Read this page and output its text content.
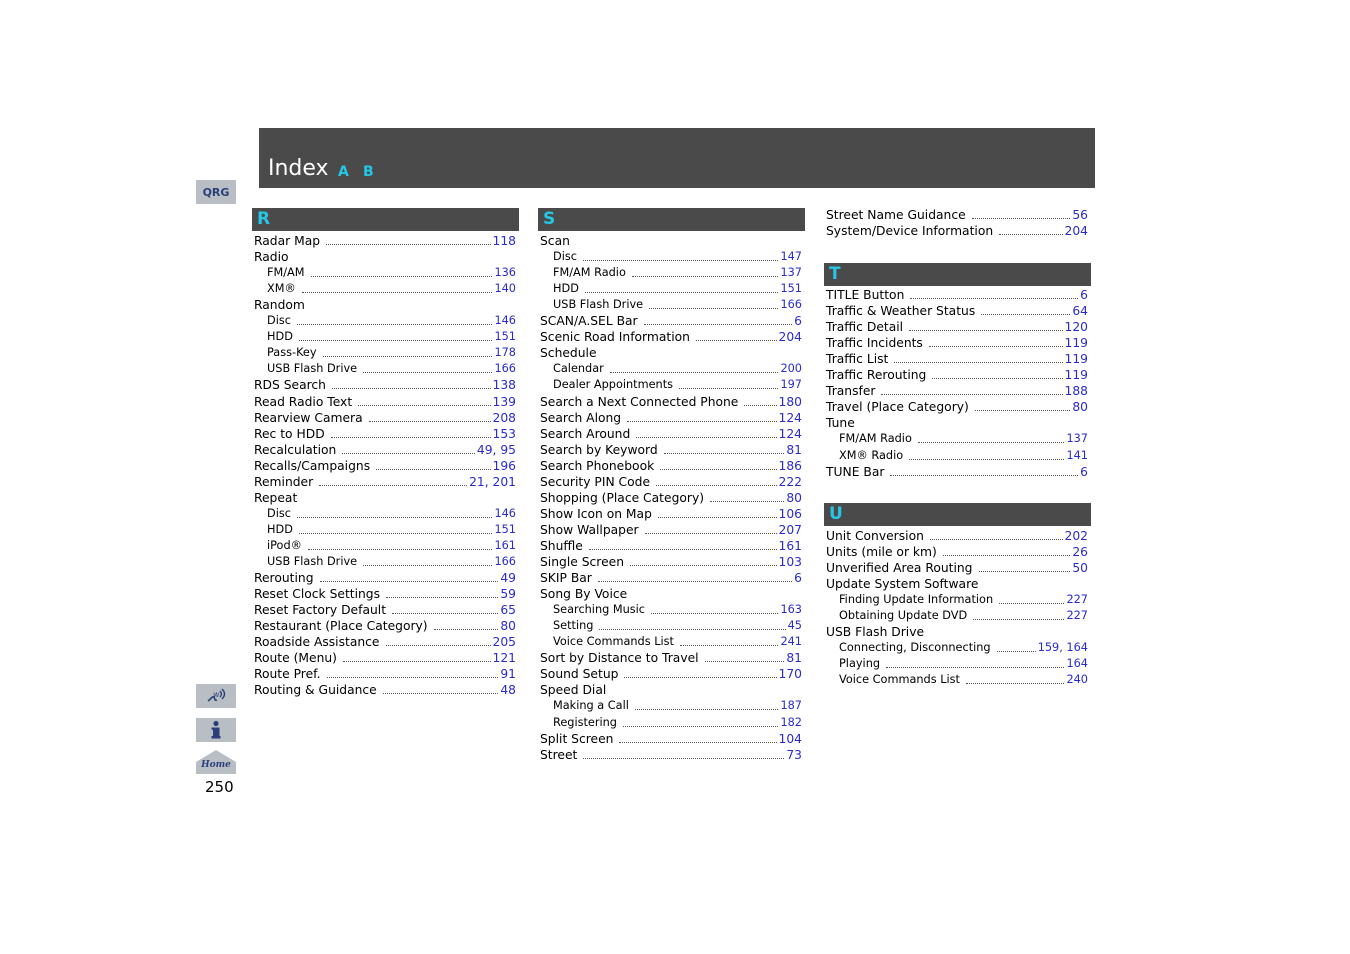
Index A B
QRG
w
Home
250
R
Radar Map	118
Radio
FM/AM	136
XM®	140
Random
Disc	146
HDD	151
Pass-Key	178
USB Flash Drive	166
RDS Search	138
Read Radio Text	139
Rearview Camera	208
Rec to HDD	153
Recalculation	49, 95
Recalls/Campaigns	196
Reminder	21, 201
Repeat
Disc	146
HDD	151
iPod®	161
USB Flash Drive	166
Rerouting	49
Reset Clock Settings	59
Reset Factory Default	65
Restaurant (Place Category)	80
Roadside Assistance	205
Route (Menu)	121
Route Pref.	91
Routing & Guidance	48
S
Scan
Disc	147
FM/AM Radio	137
HDD	151
USB Flash Drive	166
SCAN/A.SEL Bar	6
Scenic Road Information	204
Schedule
Calendar	200
Dealer Appointments	197
Search a Next Connected Phone	180
Search Along	124
Search Around	124
Search by Keyword	81
Search Phonebook	186
Security PIN Code	222
Shopping (Place Category)	80
Show Icon on Map	106
Show Wallpaper	207
Shuffle	161
Single Screen	103
SKIP Bar	6
Song By Voice
Searching Music	163
Setting	45
Voice Commands List	241
Sort by Distance to Travel	81
Sound Setup	170
Speed Dial
Making a Call	187
Registering	182
Split Screen	104
Street	73
Street Name Guidance	56
System/Device Information	204
T
TITLE Button	6
Traffic & Weather Status	64
Traffic Detail	120
Traffic Incidents	119
Traffic List	119
Traffic Rerouting	119
Transfer	188
Travel (Place Category)	80
Tune
FM/AM Radio	137
XM® Radio	141
TUNE Bar	6
U
Unit Conversion	202
Units (mile or km)	26
Unverified Area Routing	50
Update System Software
Finding Update Information	227
Obtaining Update DVD	227
USB Flash Drive
Connecting, Disconnecting	159, 164
Playing	164
Voice Commands List	240
